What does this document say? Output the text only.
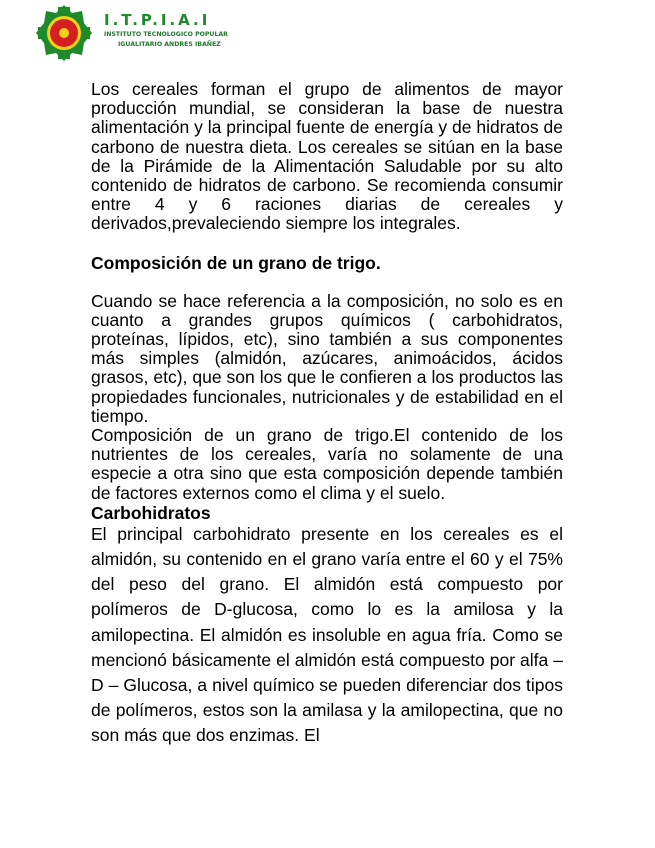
I.T.P.I.A.I
INSTITUTO TECNOLOGICO POPULAR
IGUALITARIO ANDRES IBAÑEZ

Los cereales forman el grupo de alimentos de mayor producción mundial, se consideran la base de nuestra alimentación y la principal fuente de energía y de hidratos de carbono de nuestra dieta. Los cereales se sitúan en la base de la Pirámide de la Alimentación Saludable por su alto contenido de hidratos de carbono. Se recomienda consumir entre 4 y 6 raciones diarias de cereales y derivados,prevaleciendo siempre los integrales.

Composición de un grano de trigo.

Cuando se hace referencia a la composición, no solo es en cuanto a grandes grupos químicos ( carbohidratos, proteínas, lípidos, etc), sino también a sus componentes más simples (almidón, azúcares, animoácidos, ácidos grasos, etc), que son los que le confieren a los productos las propiedades funcionales, nutricionales y de estabilidad en el tiempo.

Composición de un grano de trigo.El contenido de los nutrientes de los cereales, varía no solamente de una especie a otra sino que esta composición depende también de factores externos como el clima y el suelo.

Carbohidratos

El principal carbohidrato presente en los cereales es el almidón, su contenido en el grano varía entre el 60 y el 75% del peso del grano. El almidón está compuesto por polímeros de D-glucosa, como lo es la amilosa y la amilopectina. El almidón es insoluble en agua fría. Como se mencionó básicamente el almidón está compuesto por alfa – D – Glucosa, a nivel químico se pueden diferenciar dos tipos de polímeros, estos son la amilasa y la amilopectina, que no son más que dos enzimas. El
